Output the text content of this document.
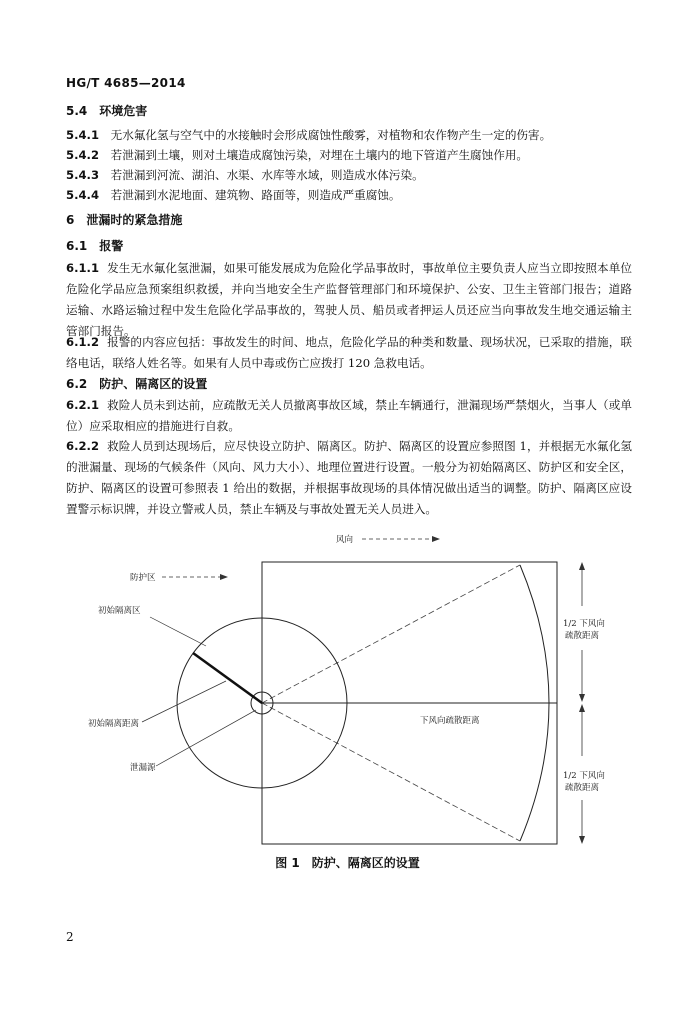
HG/T 4685—2014
5.4　 环境危害
5.4.1　 无水氟化氢与空气中的水接触时会形成腐蚀性酸雾，对植物和农作物产生一定的伤害。
5.4.2　 若泄漏到土壤，则对土壤造成腐蚀污染，对埋在土壤内的地下管道产生腐蚀作用。
5.4.3　 若泄漏到河流、湖泊、水渠、水库等水域，则造成水体污染。
5.4.4　 若泄漏到水泥地面、建筑物、路面等，则造成严重腐蚀。
6　 泄漏时的紧急措施
6.1　 报警
6.1.1 发生无水氟化氢泄漏，如果可能发展成为危险化学品事故时，事故单位主要负责人应当立即按照本单位危险化学品应急预案组织救援，并向当地安全生产监督管理部门和环境保护、公安、卫生主管部门报告；道路运输、水路运输过程中发生危险化学品事故的，驾驶人员、船员或者押运人员还应当向事故发生地交通运输主管部门报告。
6.1.2 报警的内容应包括：事故发生的时间、地点，危险化学品的种类和数量、现场状况，已采取的措施，联络电话，联络人姓名等。如果有人员中毒或伤亡应拨打 120 急救电话。
6.2　 防护、隔离区的设置
6.2.1 救险人员未到达前，应疏散无关人员撤离事故区域，禁止车辆通行，泄漏现场严禁烟火，当事人（或单位）应采取相应的措施进行自救。
6.2.2 救险人员到达现场后，应尽快设立防护、隔离区。防护、隔离区的设置应参照图 1，并根据无水氟化氢的泄漏量、现场的气候条件（风向、风力大小）、地理位置进行设置。一般分为初始隔离区、防护区和安全区，防护、隔离区的设置可参照表 1 给出的数据，并根据事故现场的具体情况做出适当的调整。防护、隔离区应设置警示标识牌，并设立警戒人员，禁止车辆及与事故处置无关人员进入。
风向
防护区
初始隔离区
初始隔离距离
泄漏源
下风向疏散距离
1/2 下风向
疏散距离
1/2 下风向
疏散距离
图 1　防护、隔离区的设置
2
